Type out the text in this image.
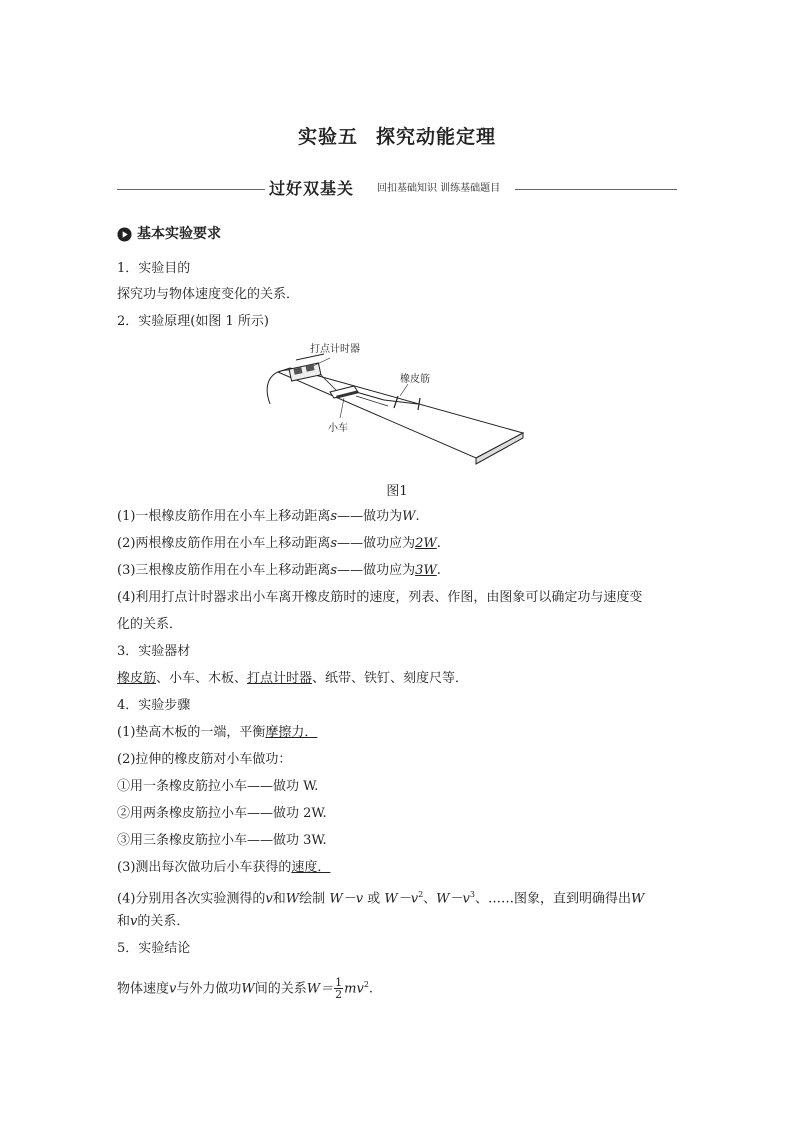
实验五 探究动能定理
过好双基关 回扣基础知识 训练基础题目
基本实验要求
1．实验目的
探究功与物体速度变化的关系．
2．实验原理(如图 1 所示)
打点计时器
橡皮筋
小车
图1
(1)一根橡皮筋作用在小车上移动距离s——做功为W.
(2)两根橡皮筋作用在小车上移动距离s——做功应为2W.
(3)三根橡皮筋作用在小车上移动距离s——做功应为3W.
(4)利用打点计时器求出小车离开橡皮筋时的速度，列表、作图，由图象可以确定功与速度变
化的关系．
3．实验器材
橡皮筋、小车、木板、打点计时器、纸带、铁钉、刻度尺等．
4．实验步骤
(1)垫高木板的一端，平衡摩擦力．
(2)拉伸的橡皮筋对小车做功：
①用一条橡皮筋拉小车——做功 W.
②用两条橡皮筋拉小车——做功 2W.
③用三条橡皮筋拉小车——做功 3W.
(3)测出每次做功后小车获得的速度．
(4)分别用各次实验测得的v和W绘制 W－v 或 $W-v^2$、$W-v^3$、……图象，直到明确得出W
和v的关系．
5．实验结论
物体速度v与外力做功W间的关系$W= \frac{1}{2} mv^2$.
